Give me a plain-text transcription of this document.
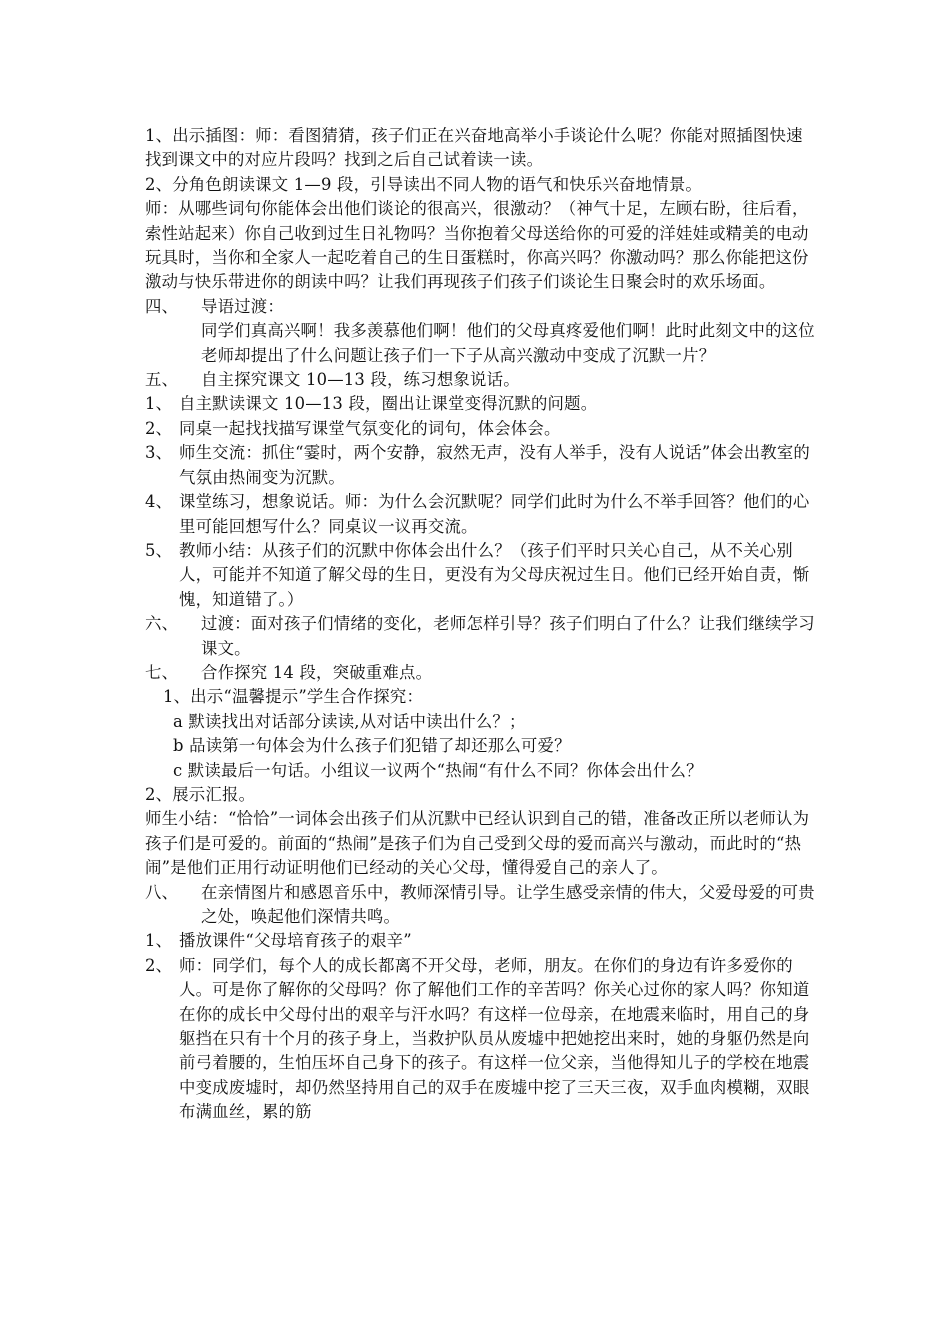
1、出示插图：师：看图猜猜，孩子们正在兴奋地高举小手谈论什么呢？你能对照插图快速找到课文中的对应片段吗？找到之后自己试着读一读。

2、分角色朗读课文 1—9 段，引导读出不同人物的语气和快乐兴奋地情景。

师：从哪些词句你能体会出他们谈论的很高兴，很激动？（神气十足，左顾右盼，往后看，索性站起来）你自己收到过生日礼物吗？当你抱着父母送给你的可爱的洋娃娃或精美的电动玩具时，当你和全家人一起吃着自己的生日蛋糕时，你高兴吗？你激动吗？那么你能把这份激动与快乐带进你的朗读中吗？让我们再现孩子们孩子们谈论生日聚会时的欢乐场面。

四、	导语过渡：

同学们真高兴啊！我多羡慕他们啊！他们的父母真疼爱他们啊！此时此刻文中的这位老师却提出了什么问题让孩子们一下子从高兴激动中变成了沉默一片？

五、	自主探究课文 10—13 段，练习想象说话。
1、 自主默读课文 10—13 段，圈出让课堂变得沉默的问题。
2、 同桌一起找找描写课堂气氛变化的词句，体会体会。
3、 师生交流：抓住“霎时，两个安静，寂然无声，没有人举手，没有人说话”体会出教室的气氛由热闹变为沉默。
4、 课堂练习，想象说话。师：为什么会沉默呢？同学们此时为什么不举手回答？他们的心里可能回想写什么？同桌议一议再交流。
5、 教师小结：从孩子们的沉默中你体会出什么？（孩子们平时只关心自己，从不关心别人，可能并不知道了解父母的生日，更没有为父母庆祝过生日。他们已经开始自责，惭愧，知道错了。）
六、	过渡：面对孩子们情绪的变化，老师怎样引导？孩子们明白了什么？让我们继续学习课文。
七、	合作探究 14 段，突破重难点。

1、出示“温馨提示”学生合作探究：

a 默读找出对话部分读读,从对话中读出什么？；

b 品读第一句体会为什么孩子们犯错了却还那么可爱？

c 默读最后一句话。小组议一议两个“热闹“有什么不同？你体会出什么？

2、展示汇报。

师生小结：“恰恰”一词体会出孩子们从沉默中已经认识到自己的错，准备改正所以老师认为孩子们是可爱的。前面的“热闹”是孩子们为自己受到父母的爱而高兴与激动，而此时的“热闹”是他们正用行动证明他们已经动的关心父母，懂得爱自己的亲人了。

八、	在亲情图片和感恩音乐中，教师深情引导。让学生感受亲情的伟大，父爱母爱的可贵之处，唤起他们深情共鸣。
1、 播放课件“父母培育孩子的艰辛”
2、 师：同学们，每个人的成长都离不开父母，老师，朋友。在你们的身边有许多爱你的人。可是你了解你的父母吗？你了解他们工作的辛苦吗？你关心过你的家人吗？你知道在你的成长中父母付出的艰辛与汗水吗？有这样一位母亲，在地震来临时，用自己的身躯挡在只有十个月的孩子身上，当救护队员从废墟中把她挖出来时，她的身躯仍然是向前弓着腰的，生怕压坏自己身下的孩子。有这样一位父亲，当他得知儿子的学校在地震中变成废墟时，却仍然坚持用自己的双手在废墟中挖了三天三夜，双手血肉模糊，双眼布满血丝，累的筋
